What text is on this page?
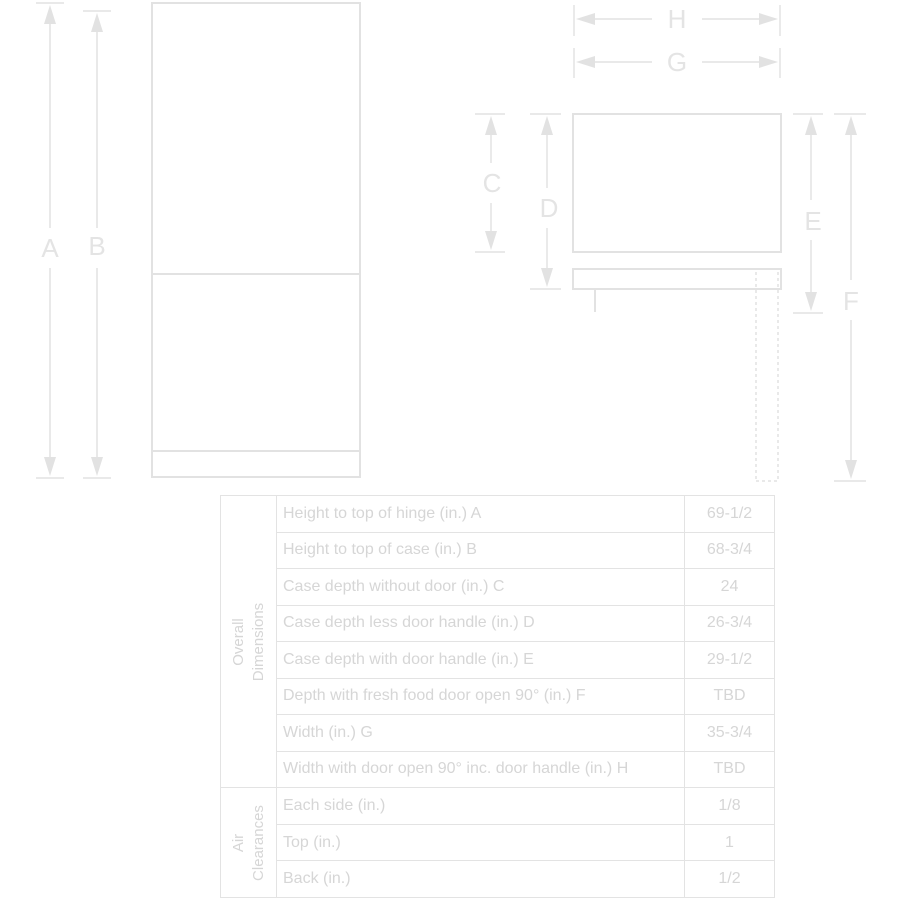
A B
H
G
C
D	E
F
Overall Dimensions	Height to top of hinge (in.) A	69-1/2
	Height to top of case (in.) B	68-3/4
	Case depth without door (in.) C	24
	Case depth less door handle (in.) D	26-3/4
	Case depth with door handle (in.) E	29-1/2
	Depth with fresh food door open 90° (in.) F	TBD
	Width (in.) G	35-3/4
	Width with door open 90° inc. door handle (in.) H	TBD

Air Clearances	Each side (in.)	1/8
	Top (in.)	1
	Back (in.)	1/2
